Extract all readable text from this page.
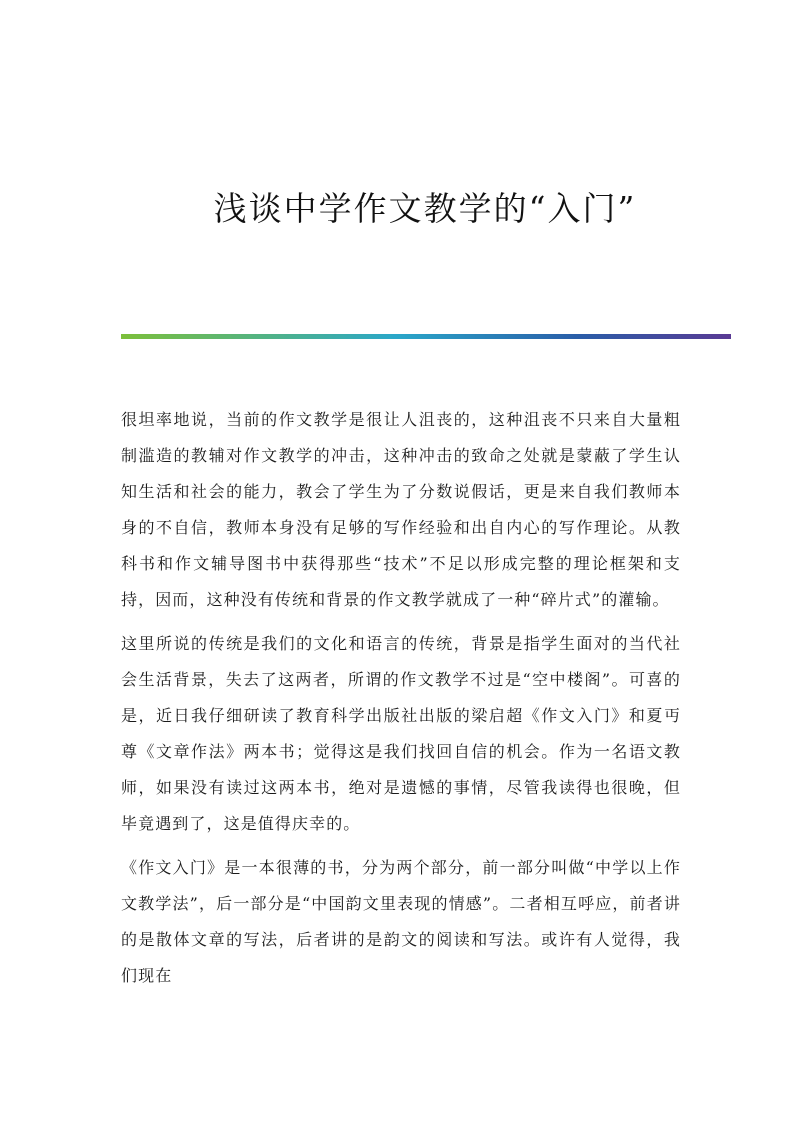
浅谈中学作文教学的“入门”

很坦率地说，当前的作文教学是很让人沮丧的，这种沮丧不只来自大量粗制滥造的教辅对作文教学的冲击，这种冲击的致命之处就是蒙蔽了学生认知生活和社会的能力，教会了学生为了分数说假话，更是来自我们教师本身的不自信，教师本身没有足够的写作经验和出自内心的写作理论。从教科书和作文辅导图书中获得那些“技术”不足以形成完整的理论框架和支持，因而，这种没有传统和背景的作文教学就成了一种“碎片式”的灌输。

这里所说的传统是我们的文化和语言的传统，背景是指学生面对的当代社会生活背景，失去了这两者，所谓的作文教学不过是“空中楼阁”。可喜的是，近日我仔细研读了教育科学出版社出版的梁启超《作文入门》和夏丏尊《文章作法》两本书；觉得这是我们找回自信的机会。作为一名语文教师，如果没有读过这两本书，绝对是遗憾的事情，尽管我读得也很晚，但毕竟遇到了，这是值得庆幸的。

《作文入门》是一本很薄的书，分为两个部分，前一部分叫做“中学以上作文教学法”，后一部分是“中国韵文里表现的情感”。二者相互呼应，前者讲的是散体文章的写法，后者讲的是韵文的阅读和写法。或许有人觉得，我们现在
